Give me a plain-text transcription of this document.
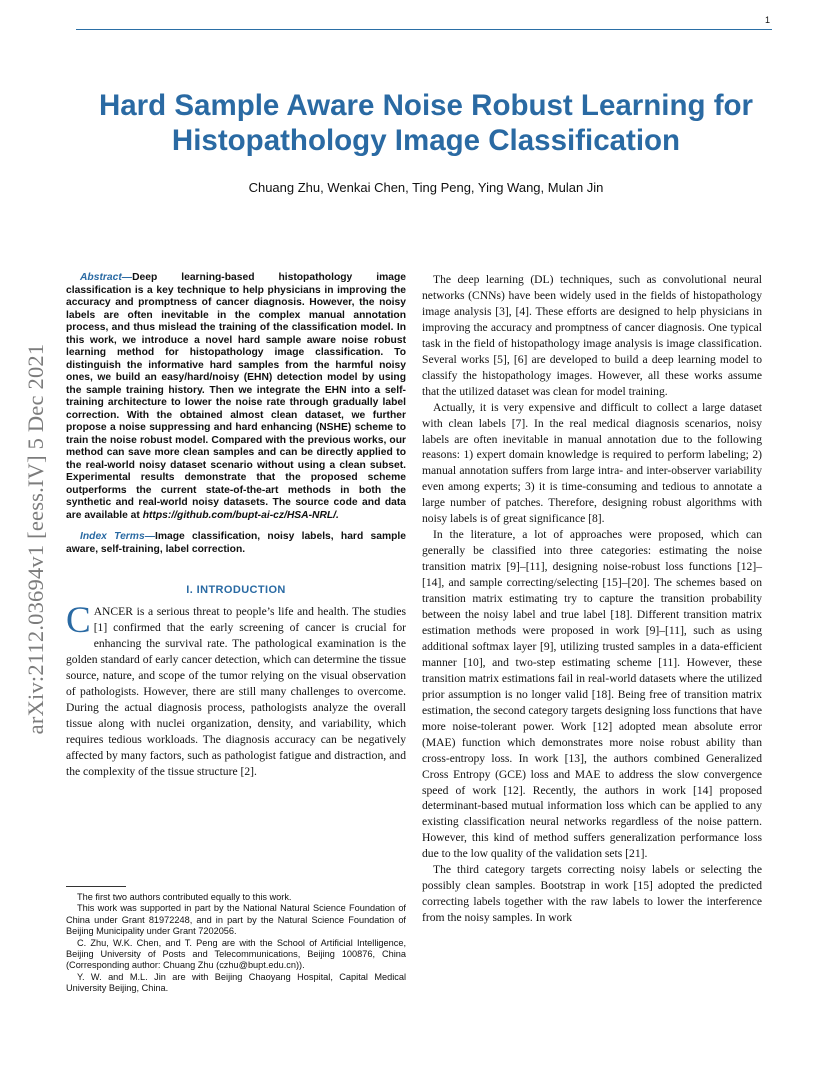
1
arXiv:2112.03694v1 [eess.IV] 5 Dec 2021
Hard Sample Aware Noise Robust Learning for Histopathology Image Classification
Chuang Zhu, Wenkai Chen, Ting Peng, Ying Wang, Mulan Jin

Abstract—Deep learning-based histopathology image classification is a key technique to help physicians in improving the accuracy and promptness of cancer diagnosis. However, the noisy labels are often inevitable in the complex manual annotation process, and thus mislead the training of the classification model. In this work, we introduce a novel hard sample aware noise robust learning method for histopathology image classification. To distinguish the informative hard samples from the harmful noisy ones, we build an easy/hard/noisy (EHN) detection model by using the sample training history. Then we integrate the EHN into a self-training architecture to lower the noise rate through gradually label correction. With the obtained almost clean dataset, we further propose a noise suppressing and hard enhancing (NSHE) scheme to train the noise robust model. Compared with the previous works, our method can save more clean samples and can be directly applied to the real-world noisy dataset scenario without using a clean subset. Experimental results demonstrate that the proposed scheme outperforms the current state-of-the-art methods in both the synthetic and real-world noisy datasets. The source code and data are available at https://github.com/bupt-ai-cz/HSA-NRL/.

Index Terms—Image classification, noisy labels, hard sample aware, self-training, label correction.

I. INTRODUCTION

CANCER is a serious threat to people’s life and health. The studies [1] confirmed that the early screening of cancer is crucial for enhancing the survival rate. The pathological examination is the golden standard of early cancer detection, which can determine the tissue source, nature, and scope of the tumor relying on the visual observation of pathologists. However, there are still many challenges to overcome. During the actual diagnosis process, pathologists analyze the overall tissue along with nuclei organization, density, and variability, which requires tedious workloads. The diagnosis accuracy can be negatively affected by many factors, such as pathologist fatigue and distraction, and the complexity of the tissue structure [2].

The first two authors contributed equally to this work.

This work was supported in part by the National Natural Science Foundation of China under Grant 81972248, and in part by the Natural Science Foundation of Beijing Municipality under Grant 7202056.

C. Zhu, W.K. Chen, and T. Peng are with the School of Artificial Intelligence, Beijing University of Posts and Telecommunications, Beijing 100876, China (Corresponding author: Chuang Zhu (czhu@bupt.edu.cn)).

Y. W. and M.L. Jin are with Beijing Chaoyang Hospital, Capital Medical University Beijing, China.

The deep learning (DL) techniques, such as convolutional neural networks (CNNs) have been widely used in the fields of histopathology image analysis [3], [4]. These efforts are designed to help physicians in improving the accuracy and promptness of cancer diagnosis. One typical task in the field of histopathology image analysis is image classification. Several works [5], [6] are developed to build a deep learning model to classify the histopathology images. However, all these works assume that the utilized dataset was clean for model training.

Actually, it is very expensive and difficult to collect a large dataset with clean labels [7]. In the real medical diagnosis scenarios, noisy labels are often inevitable in manual annotation due to the following reasons: 1) expert domain knowledge is required to perform labeling; 2) manual annotation suffers from large intra- and inter-observer variability even among experts; 3) it is time-consuming and tedious to annotate a large number of patches. Therefore, designing robust algorithms with noisy labels is of great significance [8].

In the literature, a lot of approaches were proposed, which can generally be classified into three categories: estimating the noise transition matrix [9]–[11], designing noise-robust loss functions [12]–[14], and sample correcting/selecting [15]–[20]. The schemes based on transition matrix estimating try to capture the transition probability between the noisy label and true label [18]. Different transition matrix estimation methods were proposed in work [9]–[11], such as using additional softmax layer [9], utilizing trusted samples in a data-efficient manner [10], and two-step estimating scheme [11]. However, these transition matrix estimations fail in real-world datasets where the utilized prior assumption is no longer valid [18]. Being free of transition matrix estimation, the second category targets designing loss functions that have more noise-tolerant power. Work [12] adopted mean absolute error (MAE) function which demonstrates more noise robust ability than cross-entropy loss. In work [13], the authors combined Generalized Cross Entropy (GCE) loss and MAE to address the slow convergence speed of work [12]. Recently, the authors in work [14] proposed determinant-based mutual information loss which can be applied to any existing classification neural networks regardless of the noise pattern. However, this kind of method suffers generalization performance loss due to the low quality of the validation sets [21].

The third category targets correcting noisy labels or selecting the possibly clean samples. Bootstrap in work [15] adopted the predicted correcting labels together with the raw labels to lower the interference from the noisy samples. In work
